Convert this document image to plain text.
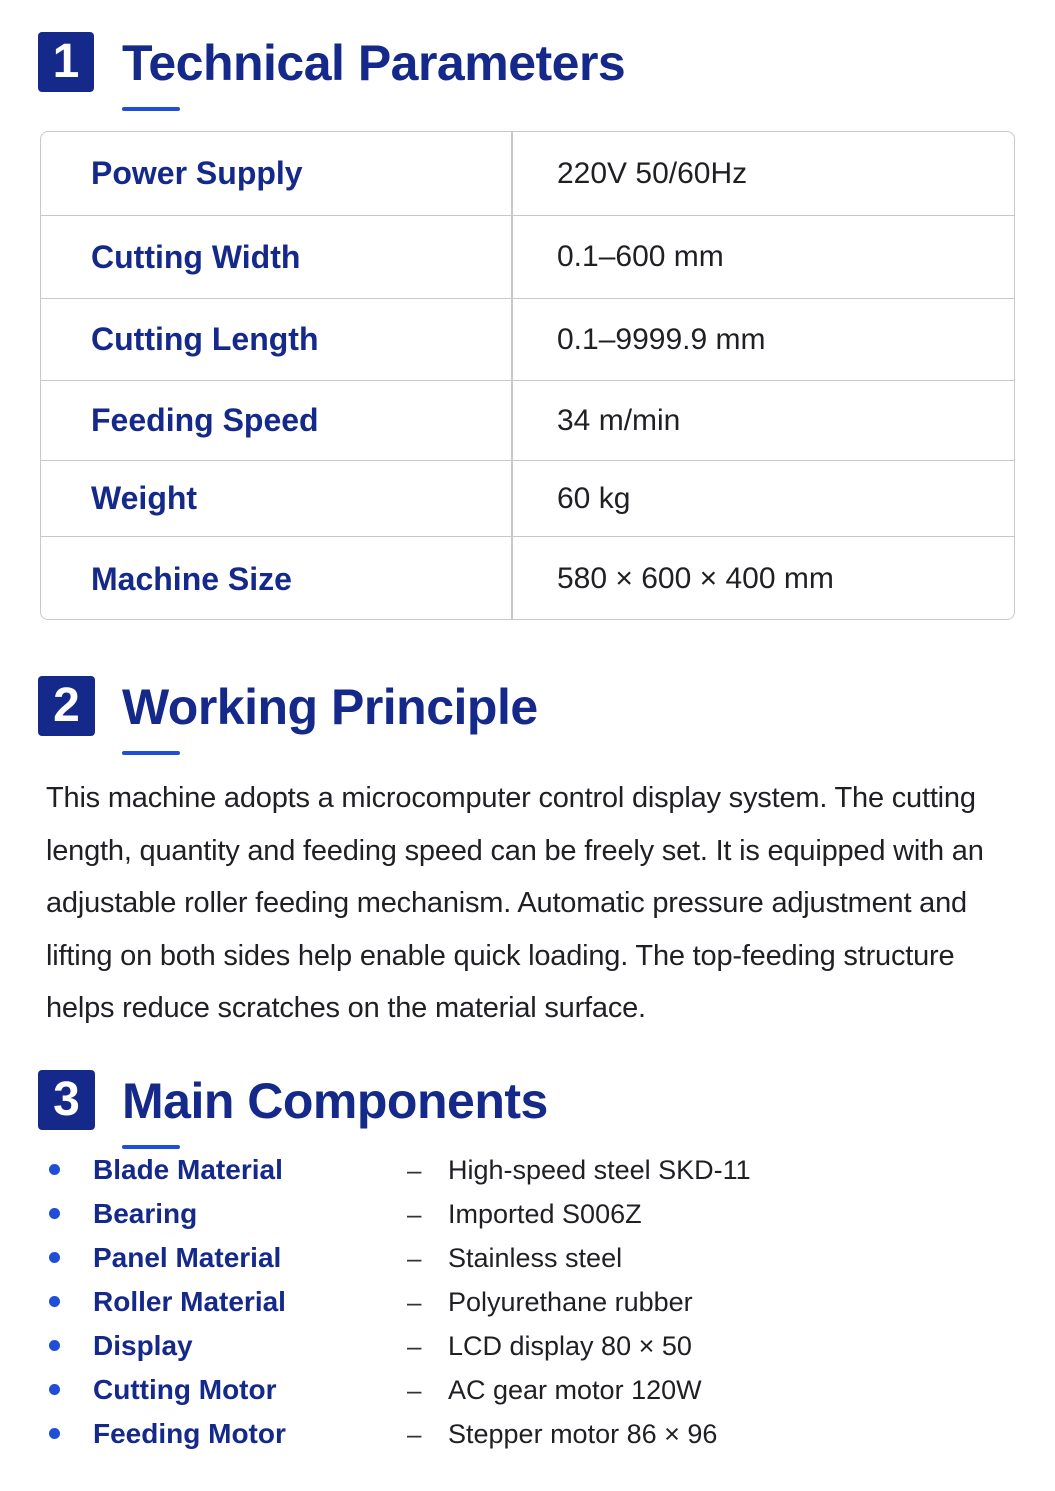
1 Technical Parameters
Power Supply	220V 50/60Hz
Cutting Width	0.1–600 mm
Cutting Length	0.1–9999.9 mm
Feeding Speed	34 m/min
Weight	60 kg
Machine Size	580 × 600 × 400 mm
2 Working Principle
This machine adopts a microcomputer control display system. The cutting length, quantity and feeding speed can be freely set. It is equipped with an adjustable roller feeding mechanism. Automatic pressure adjustment and lifting on both sides help enable quick loading. The top-feeding structure helps reduce scratches on the material surface.
3 Main Components
Blade Material	– High-speed steel SKD-11
Bearing	– Imported S006Z
Panel Material	– Stainless steel
Roller Material	– Polyurethane rubber
Display	– LCD display 80 × 50
Cutting Motor	– AC gear motor 120W
Feeding Motor	– Stepper motor 86 × 96
